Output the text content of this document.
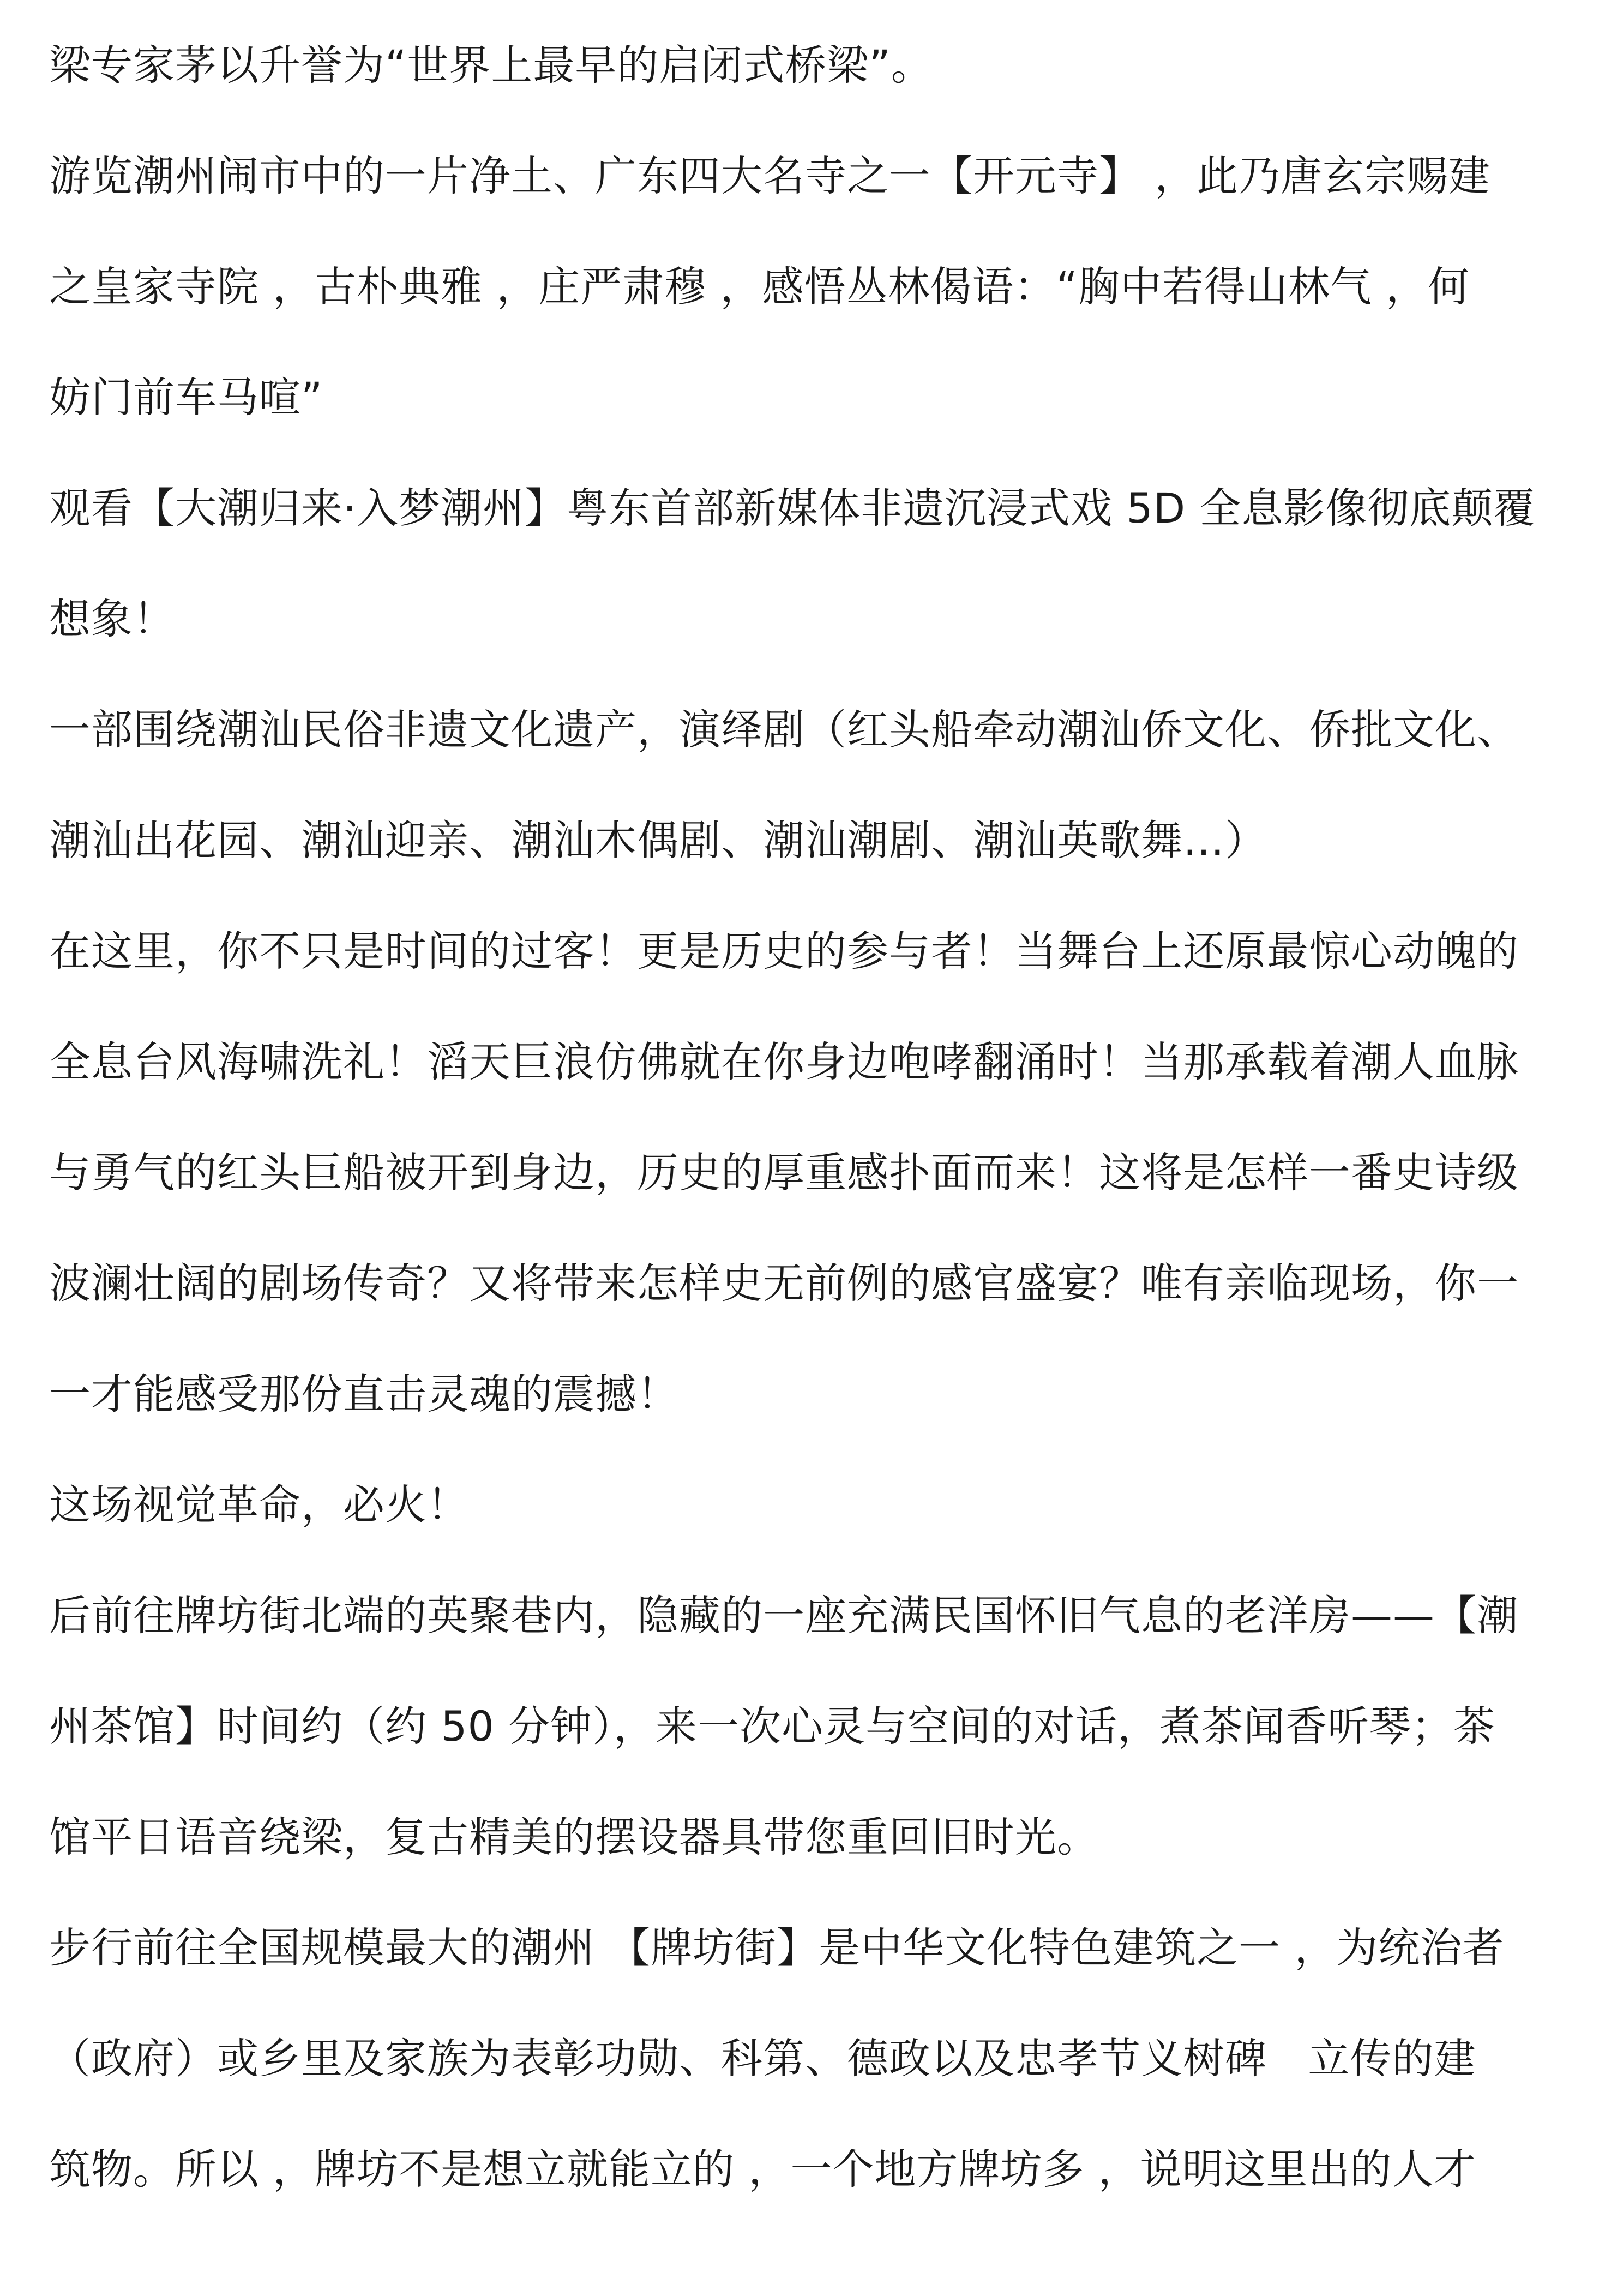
梁专家茅以升誉为“世界上最早的启闭式桥梁”。
游览潮州闹市中的一片净土、广东四大名寺之一【开元寺】 ，此乃唐玄宗赐建
之皇家寺院 ，古朴典雅 ，庄严肃穆 ，感悟丛林偈语：“胸中若得山林气 ，何
妨门前车马喧”
观看【大潮归来·入梦潮州】粤东首部新媒体非遗沉浸式戏 5D 全息影像彻底颠覆
想象！
一部围绕潮汕民俗非遗文化遗产，演绎剧（红头船牵动潮汕侨文化、侨批文化、
潮汕出花园、潮汕迎亲、潮汕木偶剧、潮汕潮剧、潮汕英歌舞…）
在这里，你不只是时间的过客！更是历史的参与者！当舞台上还原最惊心动魄的
全息台风海啸洗礼！滔天巨浪仿佛就在你身边咆哮翻涌时！当那承载着潮人血脉
与勇气的红头巨船被开到身边，历史的厚重感扑面而来！这将是怎样一番史诗级
波澜壮阔的剧场传奇？又将带来怎样史无前例的感官盛宴？唯有亲临现场，你一
一才能感受那份直击灵魂的震撼！
这场视觉革命，必火！
后前往牌坊街北端的英聚巷内，隐藏的一座充满民国怀旧气息的老洋房——【潮
州茶馆】时间约（约 50 分钟），来一次心灵与空间的对话，煮茶闻香听琴；茶
馆平日语音绕梁，复古精美的摆设器具带您重回旧时光。
步行前往全国规模最大的潮州 【牌坊街】是中华文化特色建筑之一 ，为统治者
（政府）或乡里及家族为表彰功勋、科第、德政以及忠孝节义树碑   立传的建
筑物。所以 ，牌坊不是想立就能立的 ，一个地方牌坊多 ，说明这里出的人才
